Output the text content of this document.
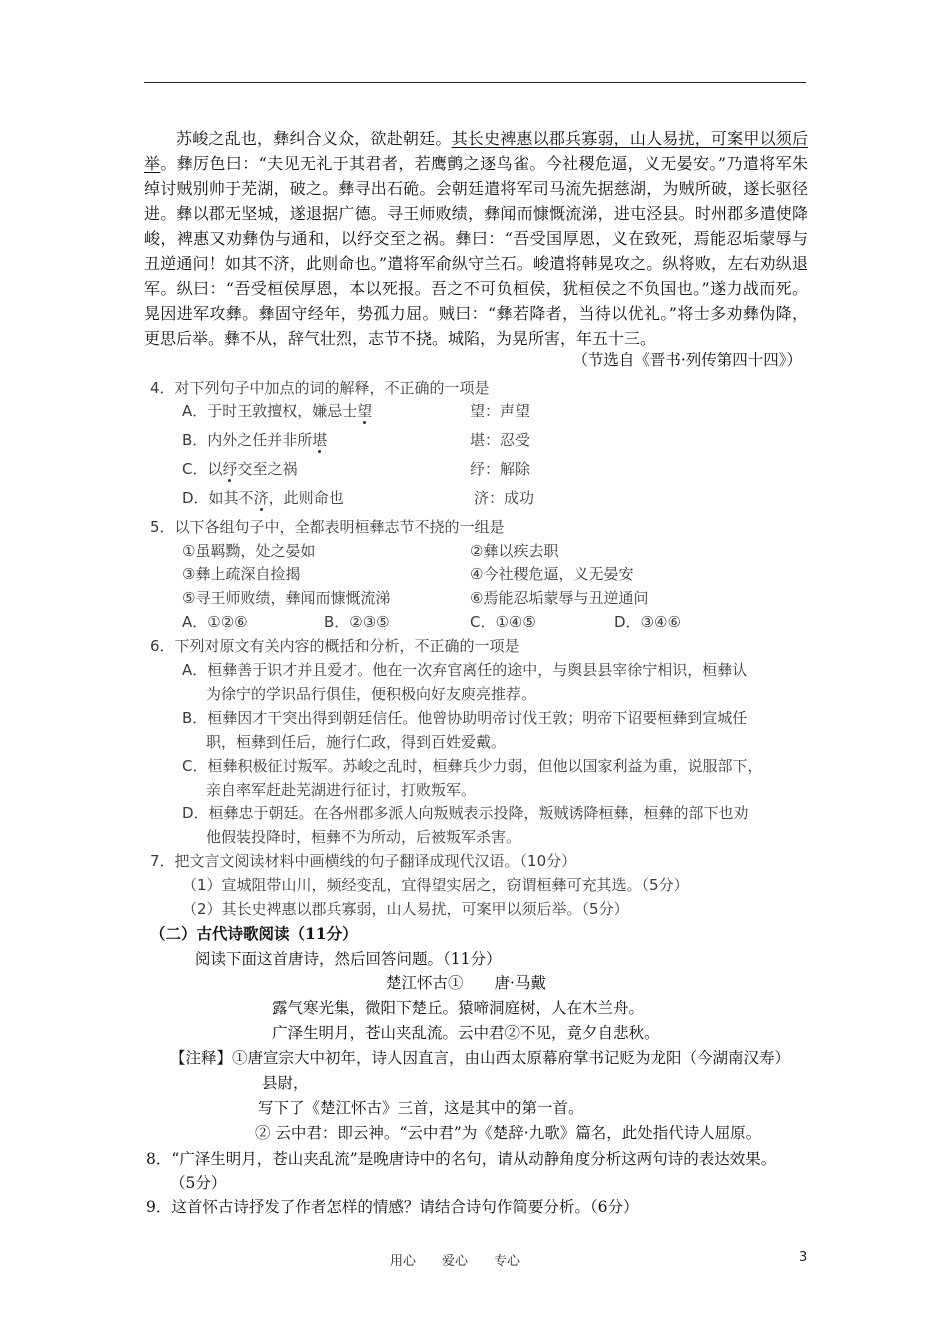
苏峻之乱也，彝纠合义众，欲赴朝廷。其长史裨惠以郡兵寡弱，山人易扰，可案甲以须后举。彝厉色曰：“夫见无礼于其君者，若鹰鹯之逐鸟雀。今社稷危逼，义无晏安。”乃遣将军朱绰讨贼别帅于芜湖，破之。彝寻出石硊。会朝廷遣将军司马流先据慈湖，为贼所破，遂长驱径进。彝以郡无坚城，遂退据广德。寻王师败绩，彝闻而慷慨流涕，进屯泾县。时州郡多遣使降峻，裨惠又劝彝伪与通和，以纾交至之祸。彝曰：“吾受国厚恩，义在致死，焉能忍垢蒙辱与丑逆通问！如其不济，此则命也。”遣将军俞纵守兰石。峻遣将韩晃攻之。纵将败，左右劝纵退军。纵曰：“吾受桓侯厚恩，本以死报。吾之不可负桓侯，犹桓侯之不负国也。”遂力战而死。晃因进军攻彝。彝固守经年，势孤力屈。贼曰：“彝若降者，当待以优礼。”将士多劝彝伪降，更思后举。彝不从，辞气壮烈，志节不挠。城陷，为晃所害，年五十三。
（节选自《晋书·列传第四十四》）
4．对下列句子中加点的词的解释，不正确的一项是
A．于时王敦擅权，嫌忌士望	望：声望
B．内外之任并非所堪	堪：忍受
C．以纾交至之祸	纾：解除
D．如其不济，此则命也	济：成功
5．以下各组句子中，全都表明桓彝志节不挠的一组是
①虽羁黝，处之晏如	②彝以疾去职
③彝上疏深自捡揭	④今社稷危逼，义无晏安
⑤寻王师败绩，彝闻而慷慨流涕	⑥焉能忍垢蒙辱与丑逆通问
A．①②⑥	B．②③⑤	C．①④⑤	D．③④⑥
6．下列对原文有关内容的概括和分析，不正确的一项是
A．桓彝善于识才并且爱才。他在一次弃官离任的途中，与舆县县宰徐宁相识，桓彝认
为徐宁的学识品行俱佳，便积极向好友庾亮推荐。
B．桓彝因才干突出得到朝廷信任。他曾协助明帝讨伐王敦；明帝下诏要桓彝到宣城任
职，桓彝到任后，施行仁政，得到百姓爱戴。
C．桓彝积极征讨叛军。苏峻之乱时，桓彝兵少力弱，但他以国家利益为重，说服部下，
亲自率军赶赴芜湖进行征讨，打败叛军。
D．桓彝忠于朝廷。在各州郡多派人向叛贼表示投降，叛贼诱降桓彝，桓彝的部下也劝
他假装投降时，桓彝不为所动，后被叛军杀害。
7．把文言文阅读材料中画横线的句子翻译成现代汉语。（10分）
（1）宣城阻带山川，频经变乱，宜得望实居之，窃谓桓彝可充其选。（5分）
（2）其长史裨惠以郡兵寡弱，山人易扰，可案甲以须后举。（5分）
（二）古代诗歌阅读（11分）
阅读下面这首唐诗，然后回答问题。（11分）
楚江怀古①　　唐·马戴
露气寒光集，微阳下楚丘。猿啼洞庭树，人在木兰舟。
广泽生明月，苍山夹乱流。云中君②不见，竟夕自悲秋。
【注释】①唐宣宗大中初年，诗人因直言，由山西太原幕府掌书记贬为龙阳（今湖南汉寿）
县尉，
写下了《楚江怀古》三首，这是其中的第一首。
② 云中君：即云神。“云中君”为《楚辞·九歌》篇名，此处指代诗人屈原。
8．“广泽生明月，苍山夹乱流”是晚唐诗中的名句，请从动静角度分析这两句诗的表达效果。
（5分）
9．这首怀古诗抒发了作者怎样的情感？请结合诗句作简要分析。（6分）
用心　　爱心　　专心	3
